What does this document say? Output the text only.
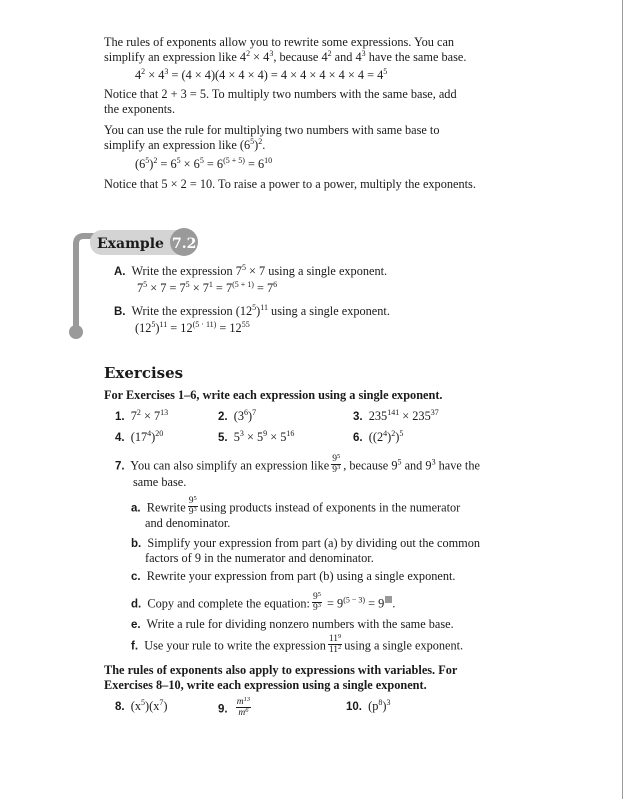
The rules of exponents allow you to rewrite some expressions. You can
simplify an expression like $4^2 \times 4^3$, because $4^2$ and $4^3$ have the same base.
$4^2 \times 4^3 = (4 \times 4)(4 \times 4 \times 4) = 4 \times 4 \times 4 \times 4 \times 4 = 4^5$
Notice that 2 + 3 = 5. To multiply two numbers with the same base, add
the exponents.
You can use the rule for multiplying two numbers with same base to
simplify an expression like $(6^5)^2$.
$(6^5)^2 = 6^5 \times 6^5 = 6^{(5 + 5)} = 6^{10}$
Notice that 5 × 2 = 10. To raise a power to a power, multiply the exponents.
Example 7.2
A. Write the expression $7^5 \times 7$ using a single exponent.
$7^5 \times 7 = 7^5 \times 7^1 = 7^{(5 + 1)} = 7^6$
B. Write the expression $(12^5)^{11}$ using a single exponent.
$(12^5)^{11} = 12^{(5 \cdot 11)} = 12^{55}$
Exercises
For Exercises 1–6, write each expression using a single exponent.
1. $7^2 \times 7^{13}$	2. $(3^6)^7$	3. $235^{141} \times 235^{37}$
4. $(17^4)^{20}$	5. $5^3 \times 5^9 \times 5^{16}$	6. $((2^4)^2)^5$
7. You can also simplify an expression like $\frac{9^5}{9^3}$ , because $9^5$ and $9^3$ have the
same base.
a. Rewrite $\frac{9^5}{9^3}$ using products instead of exponents in the numerator
and denominator.
b. Simplify your expression from part (a) by dividing out the common
factors of 9 in the numerator and denominator.
c. Rewrite your expression from part (b) using a single exponent.
d. Copy and complete the equation: $\frac{9^5}{9^3} = 9^{(5 - 3)} = 9$ .
e. Write a rule for dividing nonzero numbers with the same base.
f. Use your rule to write the expression $\frac{11^9}{11^2}$ using a single exponent.
The rules of exponents also apply to expressions with variables. For
Exercises 8–10, write each expression using a single exponent.
8. $(x^5)(x^7)$	9. $\frac{m^{13}}{m^6}$	10. $(p^8)^3$
